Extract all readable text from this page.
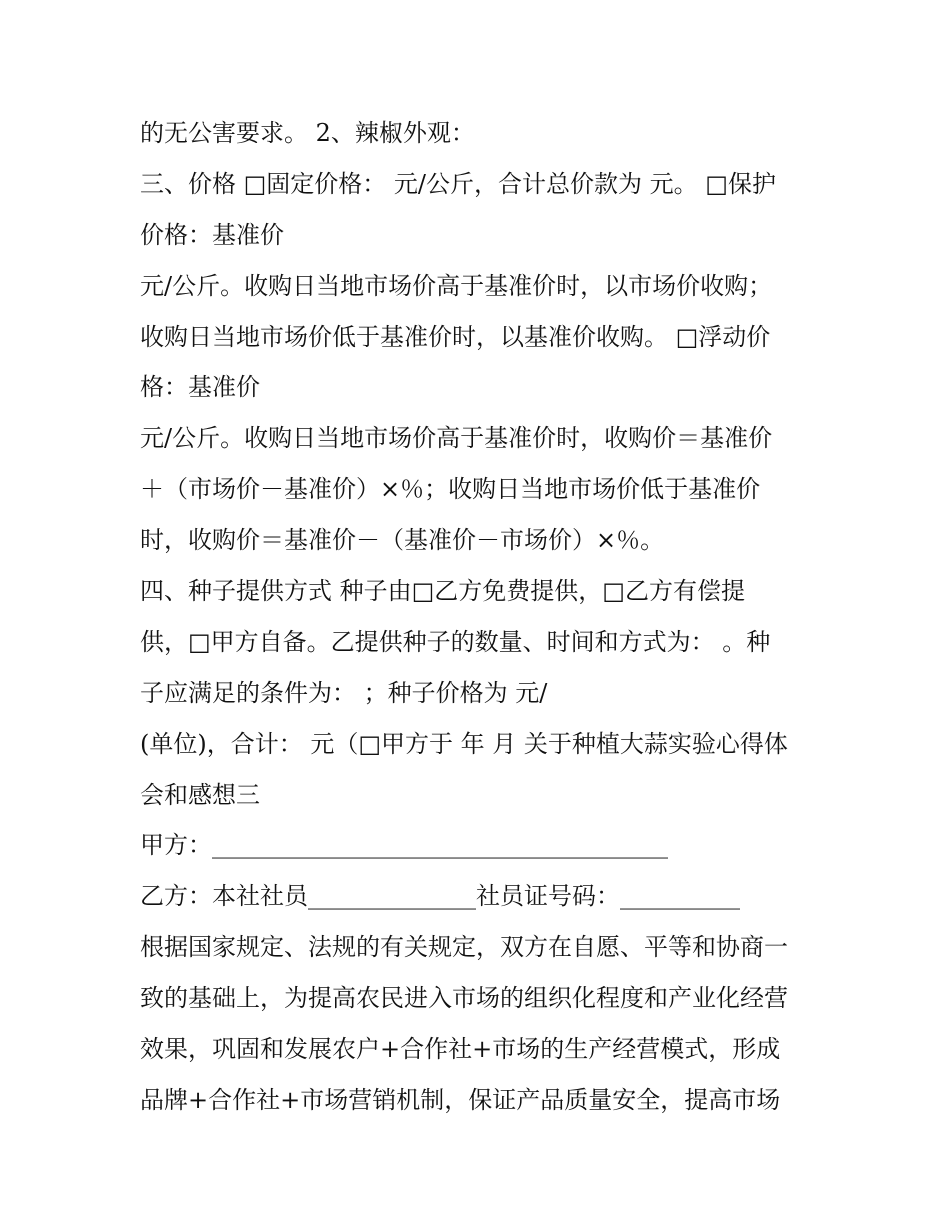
的无公害要求。 2、辣椒外观：
三、价格 □固定价格： 元/公斤，合计总价款为 元。 □保护
价格：基准价
元/公斤。收购日当地市场价高于基准价时，以市场价收购；
收购日当地市场价低于基准价时，以基准价收购。 □浮动价
格：基准价
元/公斤。收购日当地市场价高于基准价时，收购价＝基准价
＋（市场价－基准价）×％；收购日当地市场价低于基准价
时，收购价＝基准价－（基准价－市场价）×％。
四、种子提供方式 种子由□乙方免费提供，□乙方有偿提
供，□甲方自备。乙提供种子的数量、时间和方式为： 。种
子应满足的条件为： ；种子价格为 元/
(单位)，合计： 元（□甲方于 年 月 关于种植大蒜实验心得体
会和感想三
甲方：______________________________________
乙方：本社社员______________社员证号码：__________
根据国家规定、法规的有关规定，双方在自愿、平等和协商一
致的基础上，为提高农民进入市场的组织化程度和产业化经营
效果，巩固和发展农户+合作社+市场的生产经营模式，形成
品牌+合作社+市场营销机制，保证产品质量安全，提高市场
